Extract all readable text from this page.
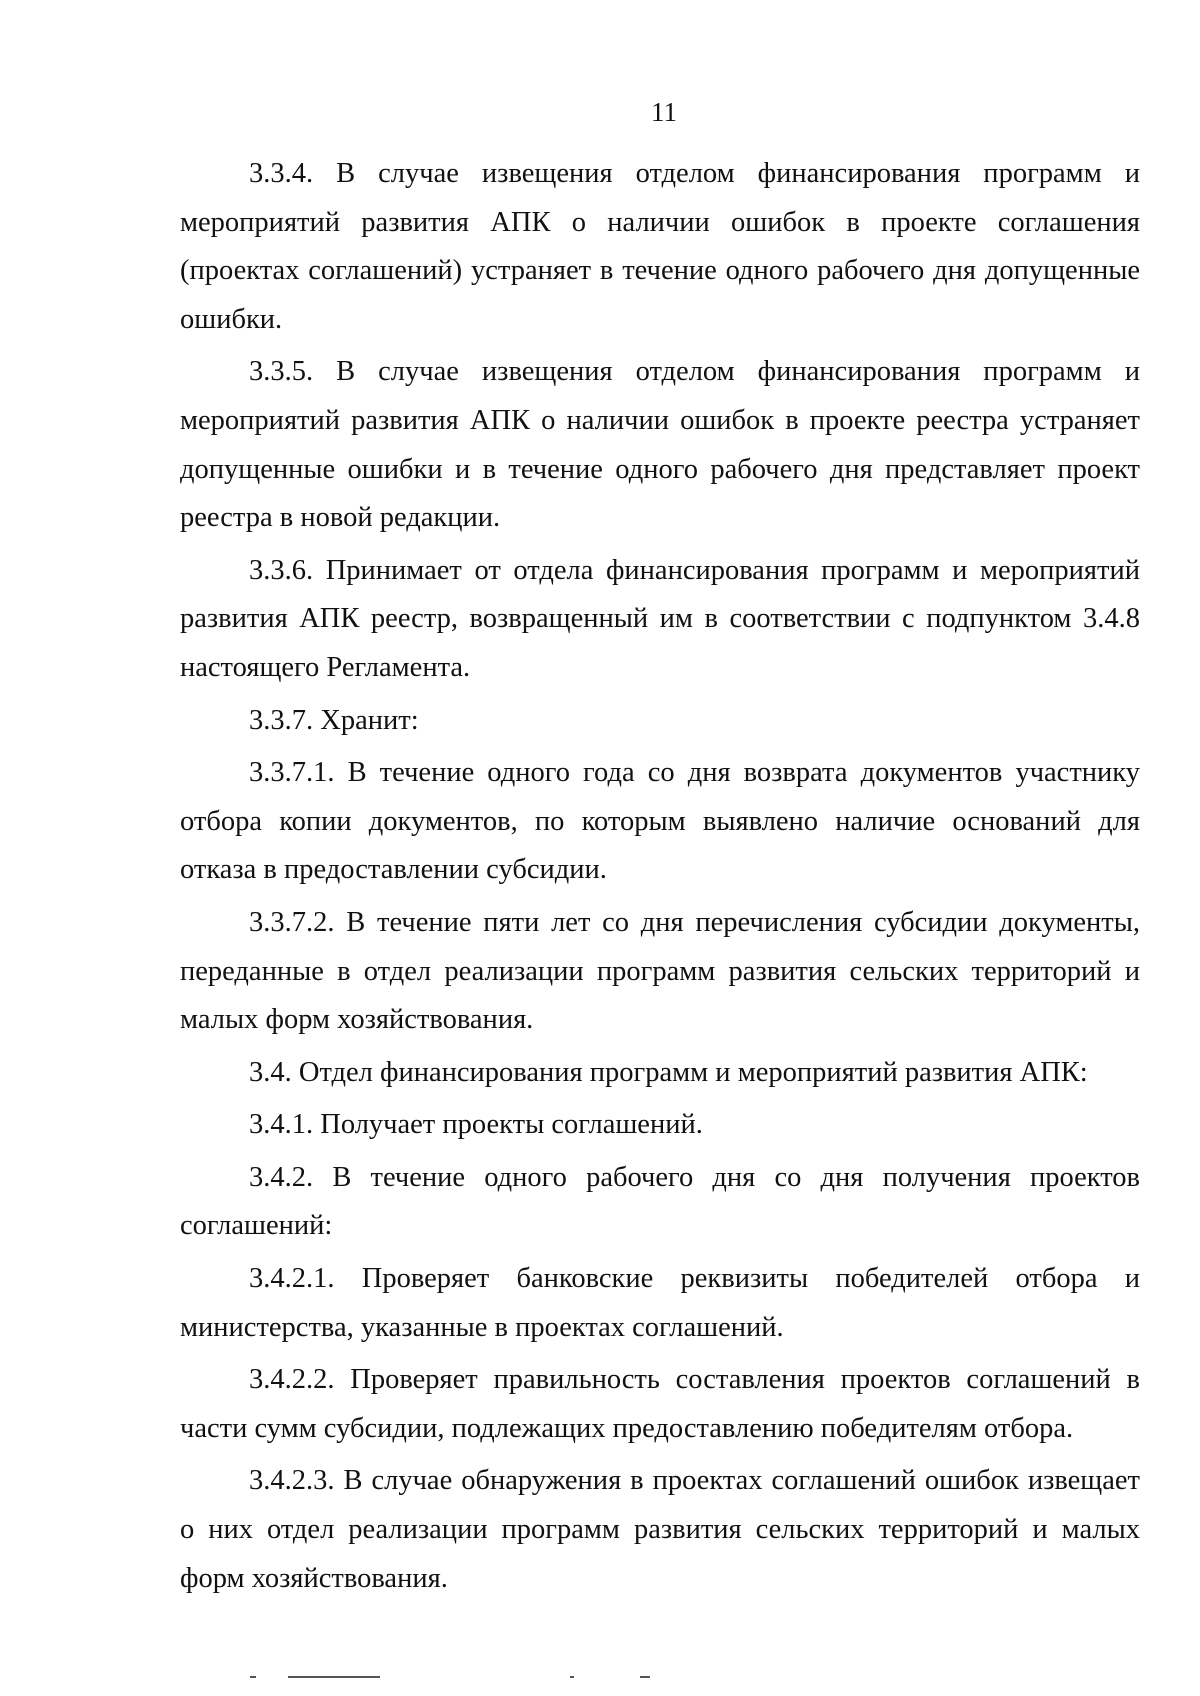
11

3.3.4. В случае извещения отделом финансирования программ и мероприятий развития АПК о наличии ошибок в проекте соглашения (проектах соглашений) устраняет в течение одного рабочего дня допущенные ошибки.

3.3.5. В случае извещения отделом финансирования программ и мероприятий развития АПК о наличии ошибок в проекте реестра устраняет допущенные ошибки и в течение одного рабочего дня представляет проект реестра в новой редакции.

3.3.6. Принимает от отдела финансирования программ и мероприятий развития АПК реестр, возвращенный им в соответствии с подпунктом 3.4.8 настоящего Регламента.

3.3.7. Хранит:

3.3.7.1. В течение одного года со дня возврата документов участнику отбора копии документов, по которым выявлено наличие оснований для отказа в предоставлении субсидии.

3.3.7.2. В течение пяти лет со дня перечисления субсидии документы, переданные в отдел реализации программ развития сельских территорий и малых форм хозяйствования.

3.4. Отдел финансирования программ и мероприятий развития АПК:

3.4.1. Получает проекты соглашений.

3.4.2. В течение одного рабочего дня со дня получения проектов соглашений:

3.4.2.1. Проверяет банковские реквизиты победителей отбора и министерства, указанные в проектах соглашений.

3.4.2.2. Проверяет правильность составления проектов соглашений в части сумм субсидии, подлежащих предоставлению победителям отбора.

3.4.2.3. В случае обнаружения в проектах соглашений ошибок извещает о них отдел реализации программ развития сельских территорий и малых форм хозяйствования.
